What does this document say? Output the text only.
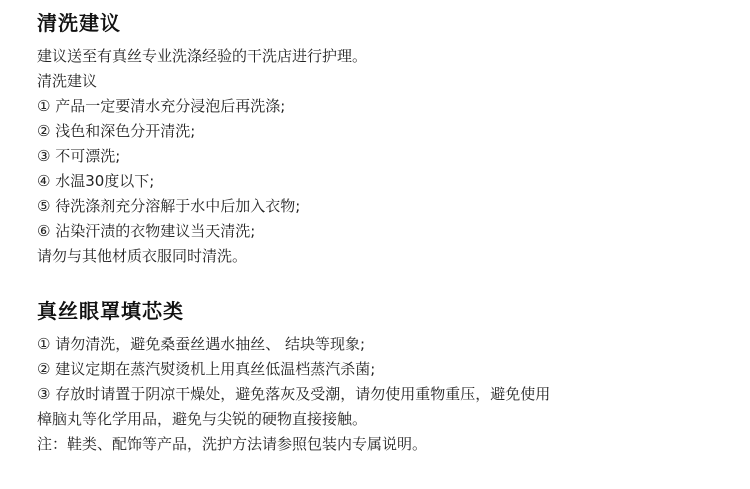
清洗建议
建议送至有真丝专业洗涤经验的干洗店进行护理。
清洗建议
① 产品一定要清水充分浸泡后再洗涤;
② 浅色和深色分开清洗;
③ 不可漂洗;
④ 水温30度以下;
⑤ 待洗涤剂充分溶解于水中后加入衣物;
⑥ 沾染汗渍的衣物建议当天清洗;
请勿与其他材质衣服同时清洗。
真丝眼罩填芯类
① 请勿清洗，避免桑蚕丝遇水抽丝、 结块等现象;
② 建议定期在蒸汽熨烫机上用真丝低温档蒸汽杀菌;
③ 存放时请置于阴凉干燥处，避免落灰及受潮，请勿使用重物重压，避免使用
樟脑丸等化学用品，避免与尖锐的硬物直接接触。
注：鞋类、配饰等产品，洗护方法请参照包装内专属说明。
